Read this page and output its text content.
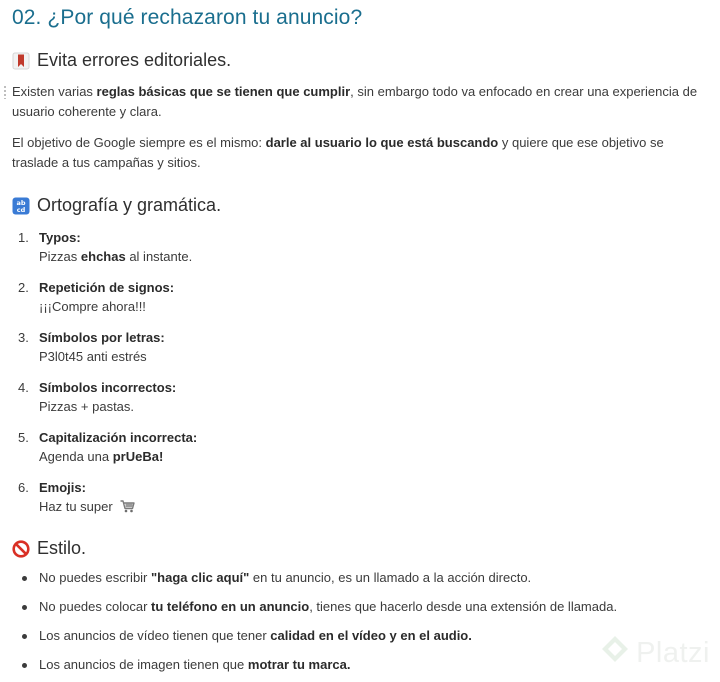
02. ¿Por qué rechazaron tu anuncio?
Evita errores editoriales.

Existen varias reglas básicas que se tienen que cumplir, sin embargo todo va enfocado en crear una experiencia de usuario coherente y clara.

El objetivo de Google siempre es el mismo: darle al usuario lo que está buscando y quiere que ese objetivo se traslade a tus campañas y sitios.

ab
cd Ortografía y gramática.
1. Typos:
Pizzas ehchas al instante.
2. Repetición de signos:
¡¡¡Compre ahora!!!
3. Símbolos por letras:
P3l0t45 anti estrés
4. Símbolos incorrectos:
Pizzas + pastas.
5. Capitalización incorrecta:
Agenda una prUeBa!
6. Emojis:
Haz tu super
Estilo.
No puedes escribir "haga clic aquí" en tu anuncio, es un llamado a la acción directo.
No puedes colocar tu teléfono en un anuncio, tienes que hacerlo desde una extensión de llamada.
Los anuncios de vídeo tienen que tener calidad en el vídeo y en el audio.
Los anuncios de imagen tienen que motrar tu marca.	Platzi
